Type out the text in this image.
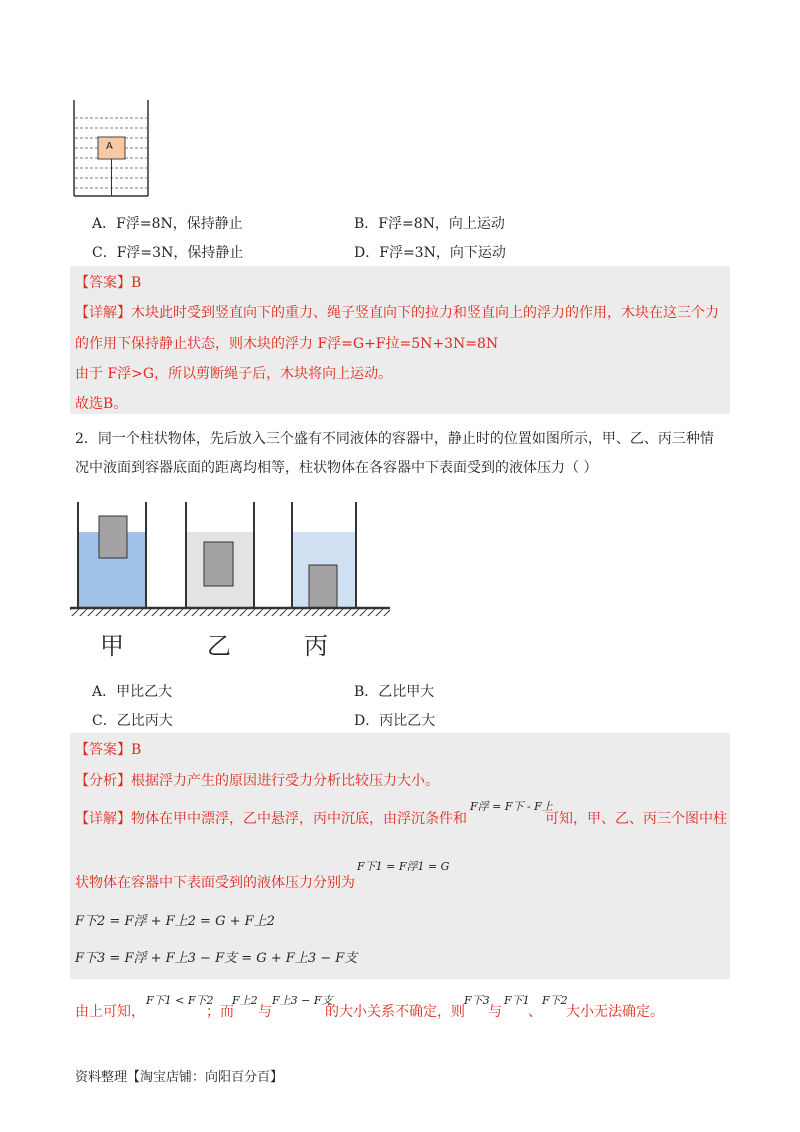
A
A．F浮=8N，保持静止	B．F浮=8N，向上运动
C．F浮=3N，保持静止	D．F浮=3N，向下运动
【答案】B
【详解】木块此时受到竖直向下的重力、绳子竖直向下的拉力和竖直向上的浮力的作用，木块在这三个力
的作用下保持静止状态，则木块的浮力 F浮=G+F拉=5N+3N=8N
由于 F浮>G，所以剪断绳子后，木块将向上运动。
故选B。
2．同一个柱状物体，先后放入三个盛有不同液体的容器中，静止时的位置如图所示，甲、乙、丙三种情
况中液面到容器底面的距离均相等，柱状物体在各容器中下表面受到的液体压力（ ）
甲	乙	丙
A．甲比乙大	B．乙比甲大
C．乙比丙大	D．丙比乙大
【答案】B
【分析】根据浮力产生的原因进行受力分析比较压力大小。
【详解】物体在甲中漂浮，乙中悬浮，丙中沉底，由浮沉条件和
F浮 = F下 - F上
可知，甲、乙、丙三个图中柱
状物体在容器中下表面受到的液体压力分别为
F下1 = F浮1 = G
F下2 = F浮 + F上2 = G + F上2
F下3 = F浮 + F上3 − F支 = G + F上3 − F支
由上可知，
F下1 < F下2
；而
F上2
与
F上3 − F支
的大小关系不确定，则
F下3
与
F下1
、
F下2
大小无法确定。
资料整理【淘宝店铺：向阳百分百】
